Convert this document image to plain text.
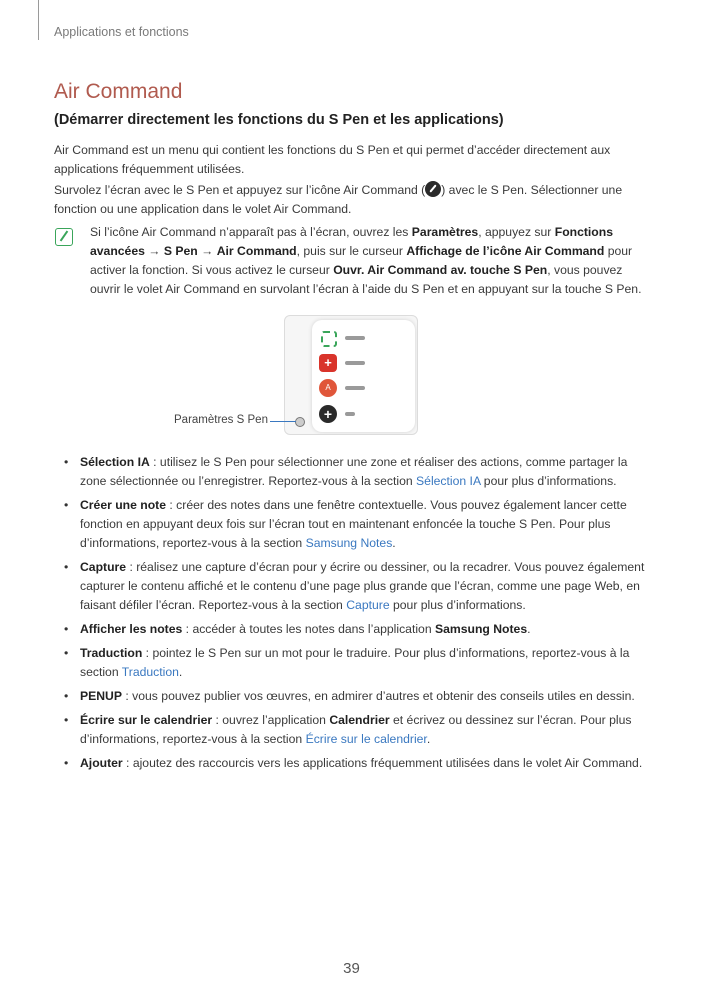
Applications et fonctions
Air Command
(Démarrer directement les fonctions du S Pen et les applications)

Air Command est un menu qui contient les fonctions du S Pen et qui permet d’accéder directement aux applications fréquemment utilisées.

Survolez l’écran avec le S Pen et appuyez sur l’icône Air Command ( ) avec le S Pen. Sélectionner une fonction ou une application dans le volet Air Command.

Si l’icône Air Command n’apparaît pas à l’écran, ouvrez les Paramètres, appuyez sur Fonctions avancées → S Pen → Air Command, puis sur le curseur Affichage de l’icône Air Command pour activer la fonction. Si vous activez le curseur Ouvr. Air Command av. touche S Pen, vous pouvez ouvrir le volet Air Command en survolant l’écran à l’aide du S Pen et en appuyant sur la touche S Pen.

+
A
+
Paramètres S Pen
• Sélection IA : utilisez le S Pen pour sélectionner une zone et réaliser des actions, comme partager la zone sélectionnée ou l’enregistrer. Reportez-vous à la section Sélection IA pour plus d’informations.
• Créer une note : créer des notes dans une fenêtre contextuelle. Vous pouvez également lancer cette fonction en appuyant deux fois sur l’écran tout en maintenant enfoncée la touche S Pen. Pour plus d’informations, reportez-vous à la section Samsung Notes.
• Capture : réalisez une capture d’écran pour y écrire ou dessiner, ou la recadrer. Vous pouvez également capturer le contenu affiché et le contenu d’une page plus grande que l’écran, comme une page Web, en faisant défiler l’écran. Reportez-vous à la section Capture pour plus d’informations.
• Afficher les notes : accéder à toutes les notes dans l’application Samsung Notes.
• Traduction : pointez le S Pen sur un mot pour le traduire. Pour plus d’informations, reportez-vous à la section Traduction.
• PENUP : vous pouvez publier vos œuvres, en admirer d’autres et obtenir des conseils utiles en dessin.
• Écrire sur le calendrier : ouvrez l’application Calendrier et écrivez ou dessinez sur l’écran. Pour plus d’informations, reportez-vous à la section Écrire sur le calendrier.
• Ajouter : ajoutez des raccourcis vers les applications fréquemment utilisées dans le volet Air Command.
39
